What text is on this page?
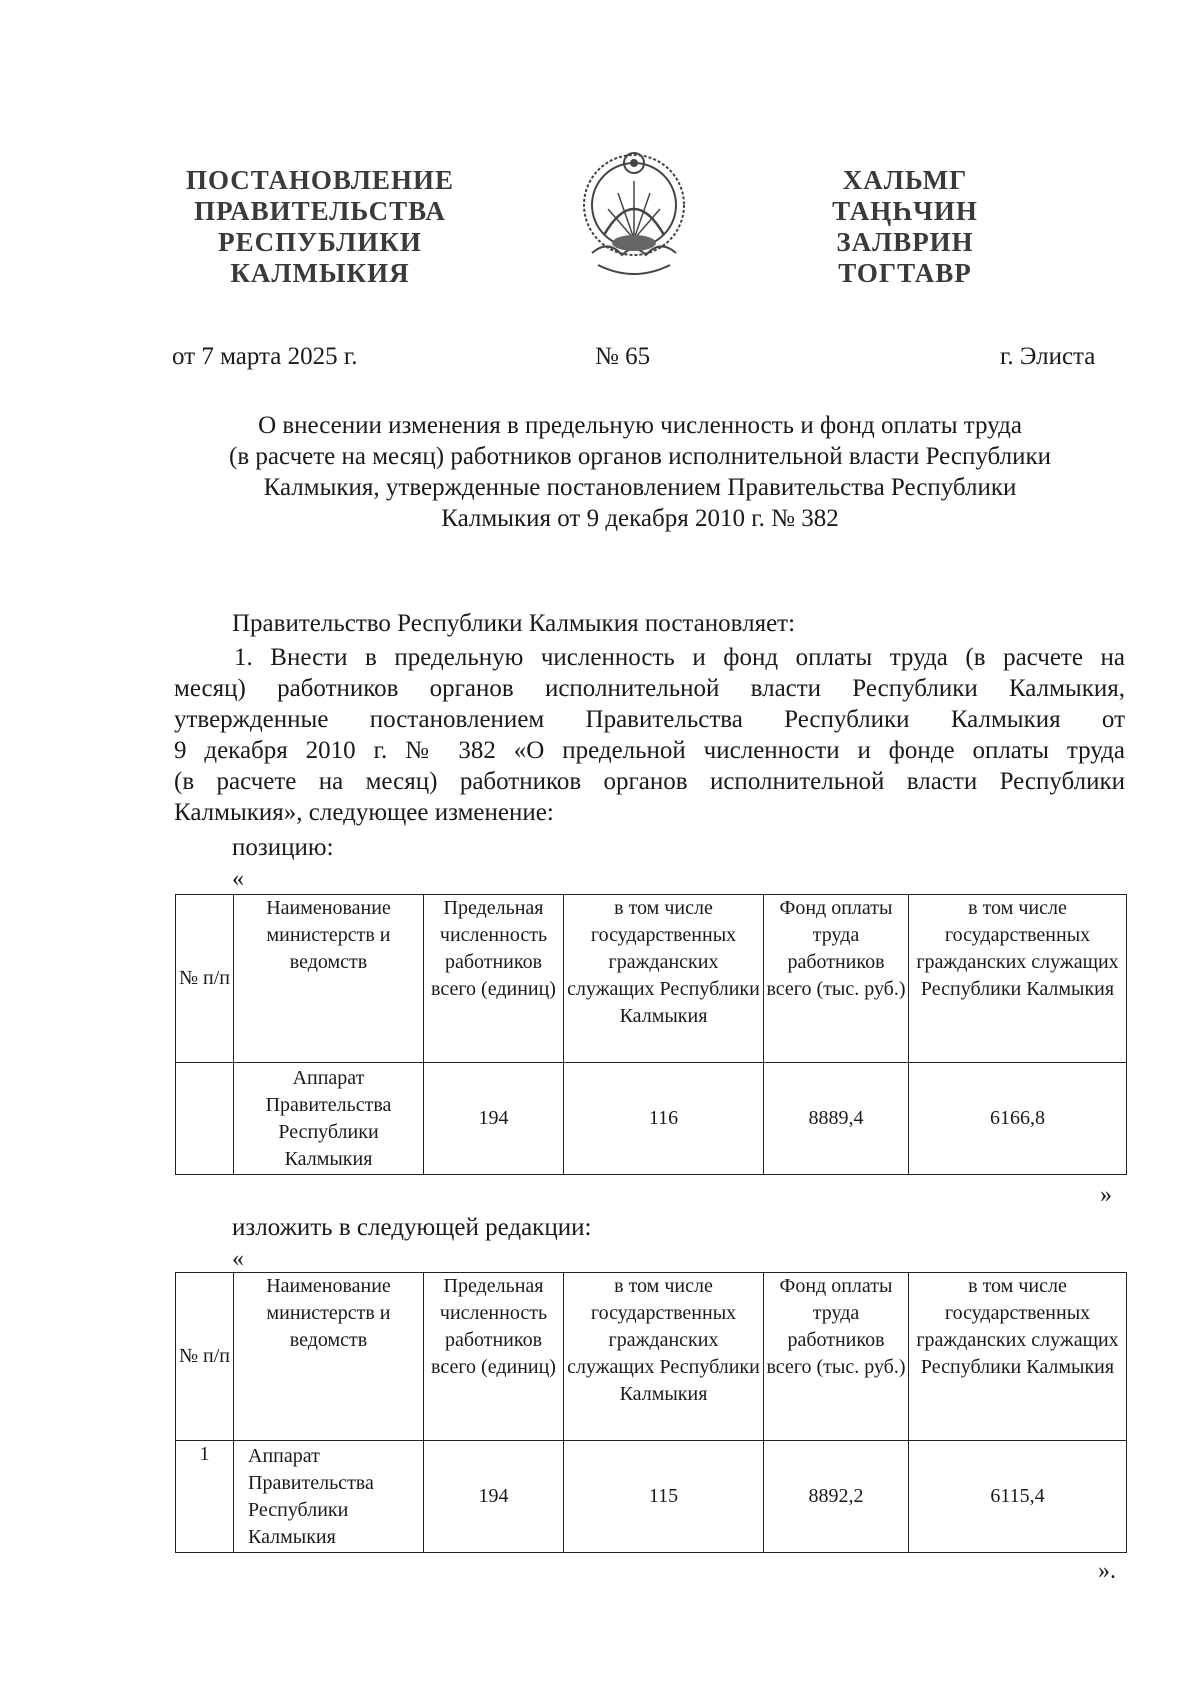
ПОСТАНОВЛЕНИЕ
ПРАВИТЕЛЬСТВА
РЕСПУБЛИКИ
КАЛМЫКИЯ
ХАЛЬМГ
ТАҢҺЧИН
ЗАЛВРИН
ТОГТАВР
от 7 марта 2025 г.	№ 65	г. Элиста
О внесении изменения в предельную численность и фонд оплаты труда
(в расчете на месяц) работников органов исполнительной власти Республики
Калмыкия, утвержденные постановлением Правительства Республики
Калмыкия от 9 декабря 2010 г. № 382
Правительство Республики Калмыкия постановляет:
1. Внести в предельную численность и фонд оплаты труда (в расчете на
месяц) работников органов исполнительной власти Республики Калмыкия,
утвержденные постановлением Правительства Республики Калмыкия от
9 декабря 2010 г. № 382 «О предельной численности и фонде оплаты труда
(в расчете на месяц) работников органов исполнительной власти Республики
Калмыкия», следующее изменение:
позицию:
«
№ п/п	Наименование министерств и ведомств	Предельная численность работников всего (единиц)	в том числе государственных гражданских служащих Республики Калмыкия	Фонд оплаты труда работников всего (тыс. руб.)	в том числе государственных гражданских служащих Республики Калмыкия
	Аппарат Правительства Республики Калмыкия	194	116	8889,4	6166,8
»
изложить в следующей редакции:
«
№ п/п	Наименование министерств и ведомств	Предельная численность работников всего (единиц)	в том числе государственных гражданских служащих Республики Калмыкия	Фонд оплаты труда работников всего (тыс. руб.)	в том числе государственных гражданских служащих Республики Калмыкия
1	Аппарат Правительства Республики Калмыкия	194	115	8892,2	6115,4
».
